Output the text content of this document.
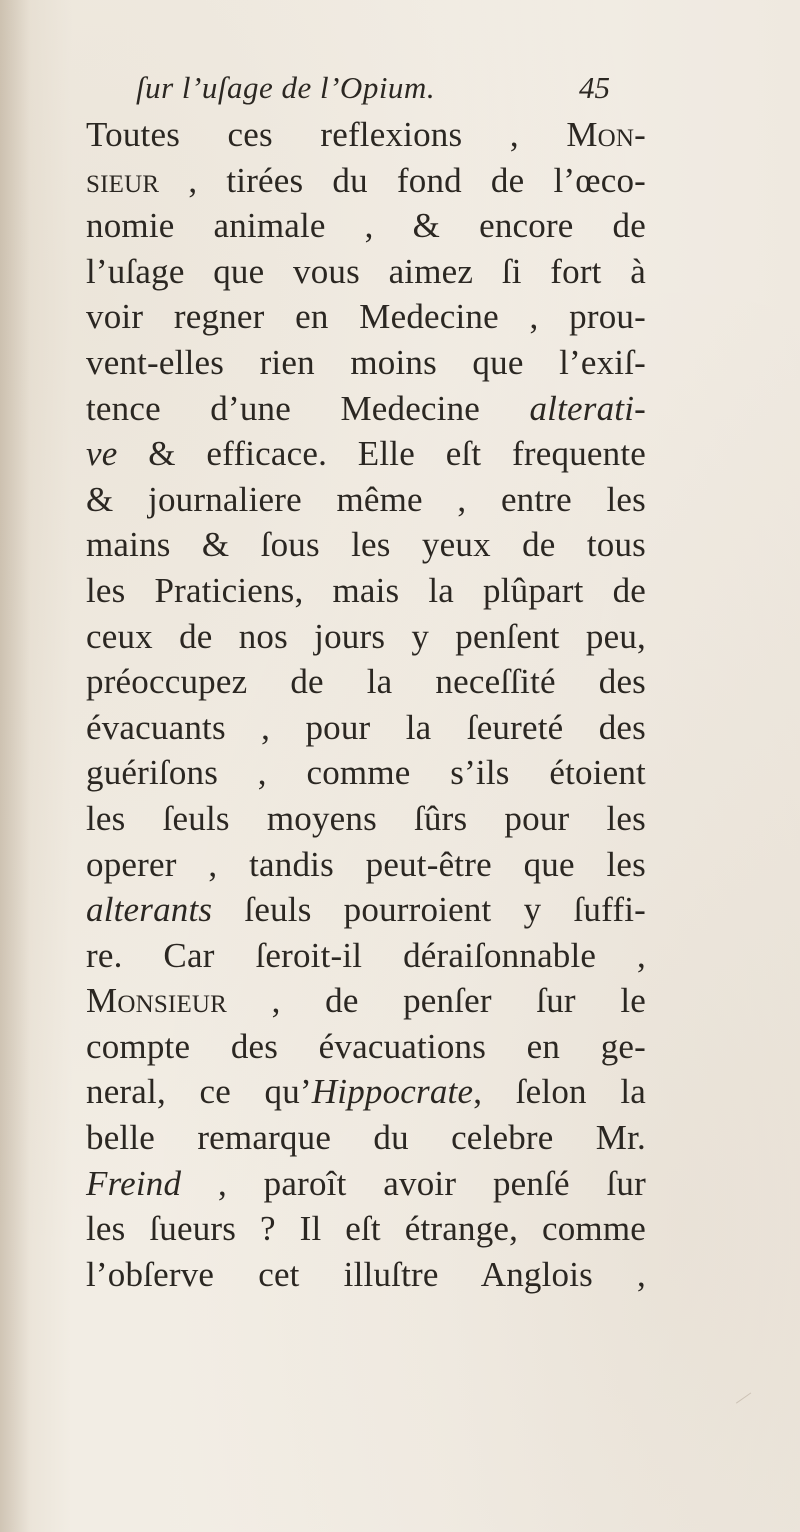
ſur l’uſage de l’Opium.	45
Toutes ces reflexions , Mon-
sieur , tirées du fond de l’œco-
nomie animale , & encore de
l’uſage que vous aimez ſi fort à
voir regner en Medecine , prou-
vent-elles rien moins que l’exiſ-
tence d’une Medecine alterati-
ve & efficace. Elle eſt frequente
& journaliere même , entre les
mains & ſous les yeux de tous
les Praticiens, mais la plûpart de
ceux de nos jours y penſent peu,
préoccupez de la neceſſité des
évacuants , pour la ſeureté des
guériſons , comme s’ils étoient
les ſeuls moyens ſûrs pour les
operer , tandis peut-être que les
alterants ſeuls pourroient y ſuffi-
re. Car ſeroit-il déraiſonnable ,
Monsieur , de penſer ſur le
compte des évacuations en ge-
neral, ce qu’Hippocrate, ſelon la
belle remarque du celebre Mr.
Freind , paroît avoir penſé ſur
les ſueurs ? Il eſt étrange, comme
l’obſerve cet illuſtre Anglois ,
